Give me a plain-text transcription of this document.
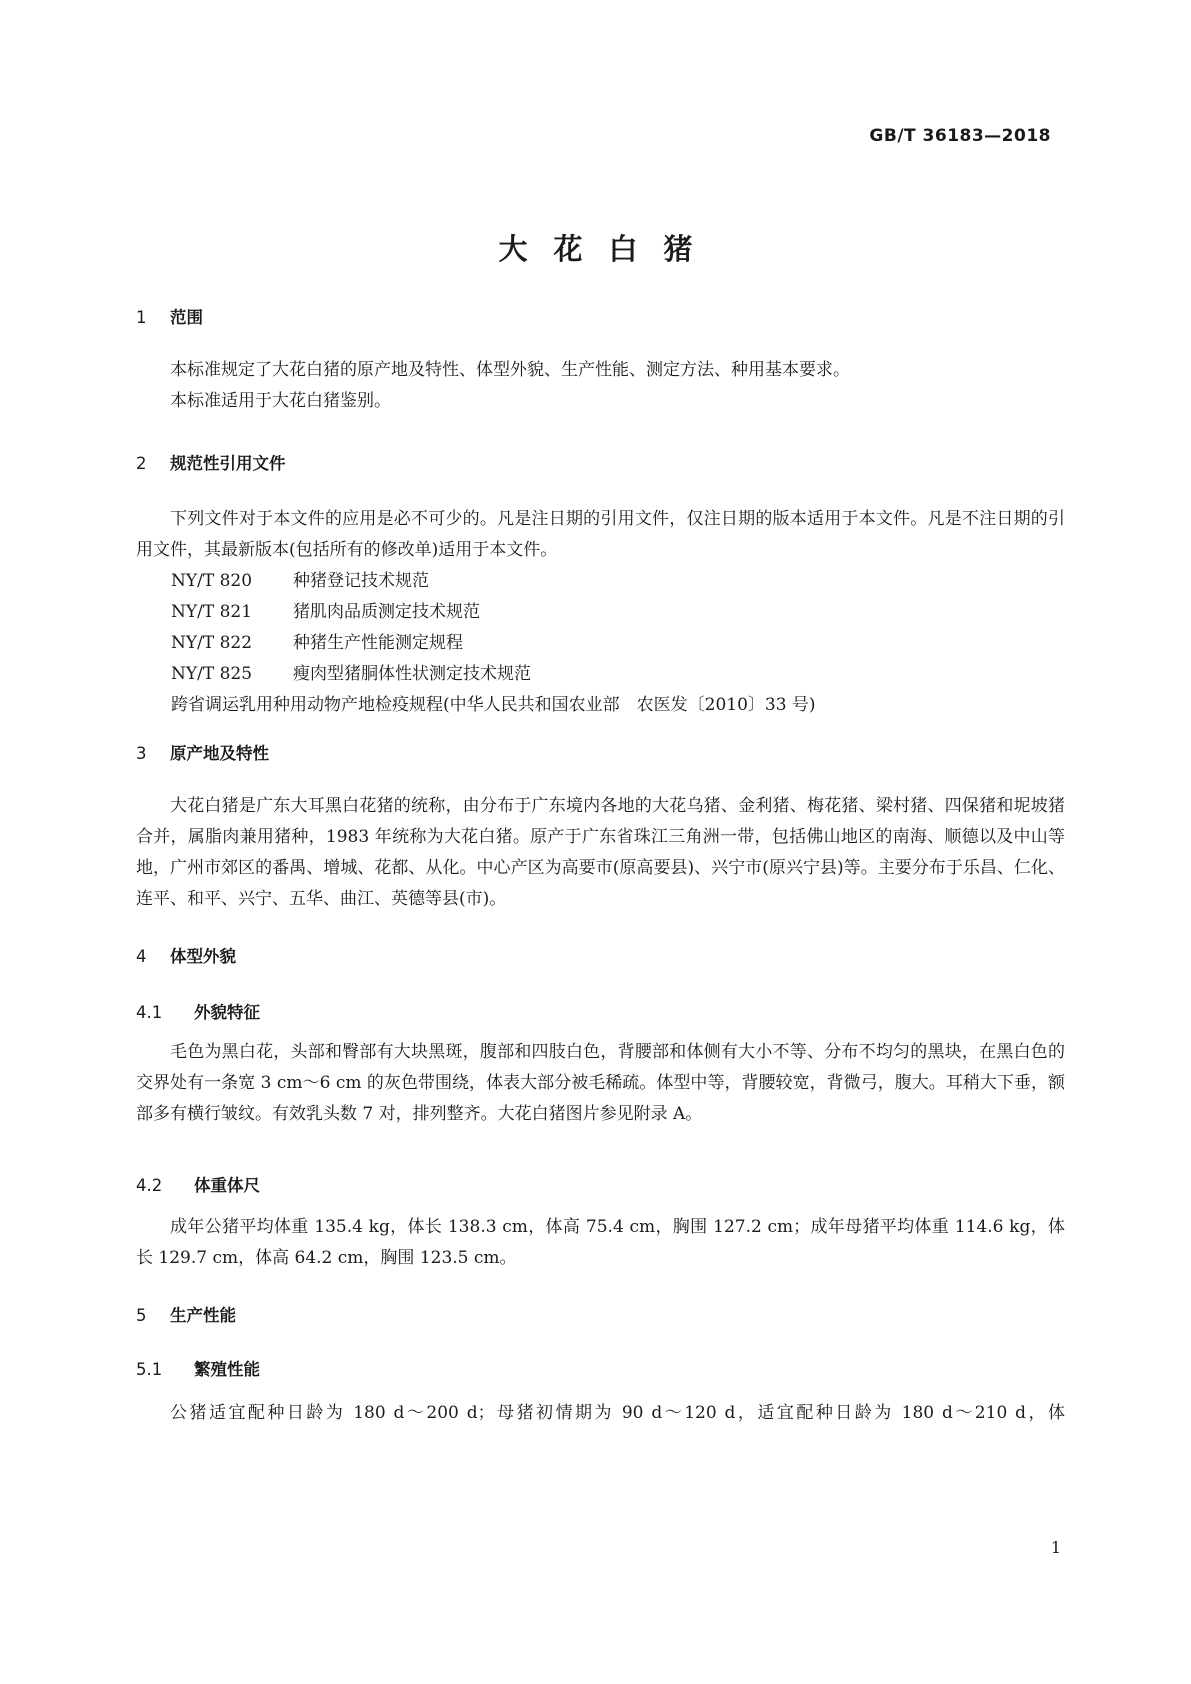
GB/T 36183—2018
大花白猪
1 范围

本标准规定了大花白猪的原产地及特性、体型外貌、生产性能、测定方法、种用基本要求。

本标准适用于大花白猪鉴别。

2 规范性引用文件

下列文件对于本文件的应用是必不可少的。凡是注日期的引用文件，仅注日期的版本适用于本文件。凡是不注日期的引用文件，其最新版本(包括所有的修改单)适用于本文件。

NY/T 820 种猪登记技术规范
NY/T 821 猪肌肉品质测定技术规范
NY/T 822 种猪生产性能测定规程
NY/T 825 瘦肉型猪胴体性状测定技术规范
跨省调运乳用种用动物产地检疫规程(中华人民共和国农业部　农医发〔2010〕33 号)
3 原产地及特性

大花白猪是广东大耳黑白花猪的统称，由分布于广东境内各地的大花乌猪、金利猪、梅花猪、梁村猪、四保猪和坭坡猪合并，属脂肉兼用猪种，1983 年统称为大花白猪。原产于广东省珠江三角洲一带，包括佛山地区的南海、顺德以及中山等地，广州市郊区的番禺、增城、花都、从化。中心产区为高要市(原高要县)、兴宁市(原兴宁县)等。主要分布于乐昌、仁化、连平、和平、兴宁、五华、曲江、英德等县(市)。

4 体型外貌
4.1 外貌特征

毛色为黑白花，头部和臀部有大块黑斑，腹部和四肢白色，背腰部和体侧有大小不等、分布不均匀的黑块，在黑白色的交界处有一条宽 3 cm～6 cm 的灰色带围绕，体表大部分被毛稀疏。体型中等，背腰较宽，背微弓，腹大。耳稍大下垂，额部多有横行皱纹。有效乳头数 7 对，排列整齐。大花白猪图片参见附录 A。

4.2 体重体尺

成年公猪平均体重 135.4 kg，体长 138.3 cm，体高 75.4 cm，胸围 127.2 cm；成年母猪平均体重 114.6 kg，体长 129.7 cm，体高 64.2 cm，胸围 123.5 cm。

5 生产性能
5.1 繁殖性能

公猪适宜配种日龄为 180 d～200 d；母猪初情期为 90 d～120 d，适宜配种日龄为 180 d～210 d，体

1
